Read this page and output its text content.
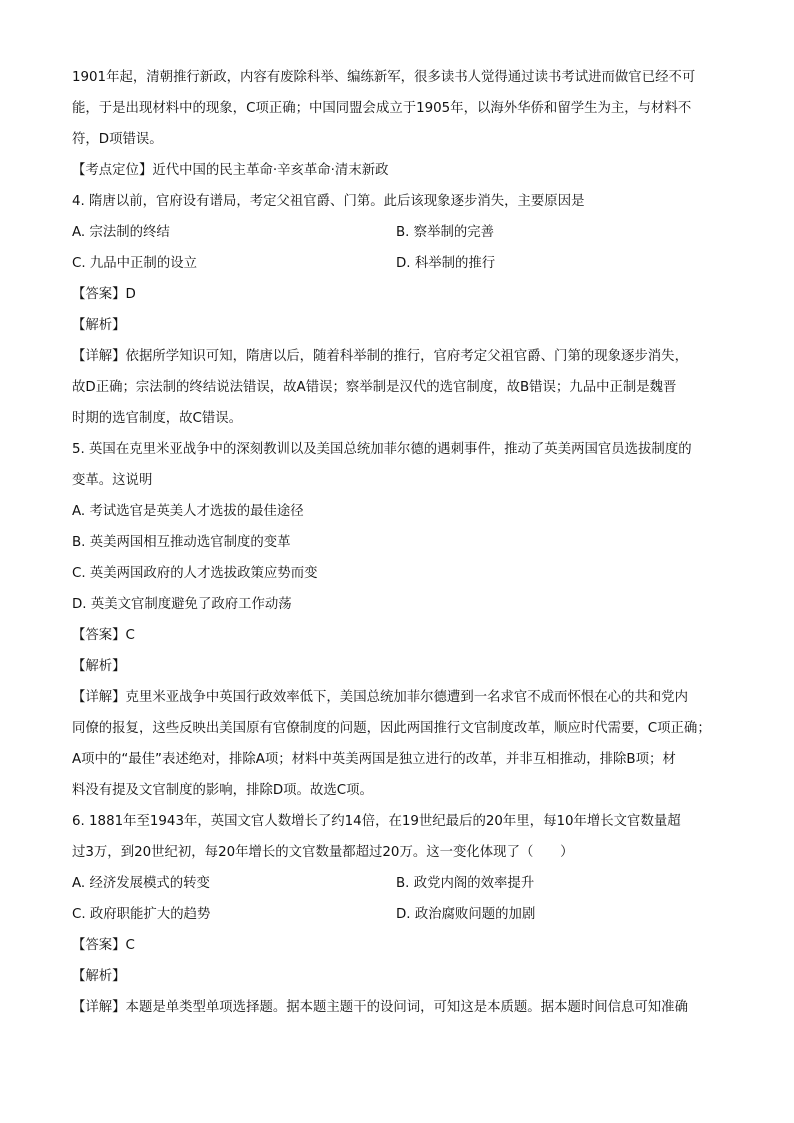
1901年起，清朝推行新政，内容有废除科举、编练新军，很多读书人觉得通过读书考试进而做官已经不可
能，于是出现材料中的现象，C项正确；中国同盟会成立于1905年，以海外华侨和留学生为主，与材料不
符，D项错误。
【考点定位】近代中国的民主革命·辛亥革命·清末新政
4. 隋唐以前，官府设有谱局，考定父祖官爵、门第。此后该现象逐步消失，主要原因是
A. 宗法制的终结	B. 察举制的完善
C. 九品中正制的设立	D. 科举制的推行
【答案】D
【解析】
【详解】依据所学知识可知，隋唐以后，随着科举制的推行，官府考定父祖官爵、门第的现象逐步消失，
故D正确；宗法制的终结说法错误，故A错误；察举制是汉代的选官制度，故B错误；九品中正制是魏晋
时期的选官制度，故C错误。
5. 英国在克里米亚战争中的深刻教训以及美国总统加菲尔德的遇刺事件，推动了英美两国官员选拔制度的
变革。这说明
A. 考试选官是英美人才选拔的最佳途径
B. 英美两国相互推动选官制度的变革
C. 英美两国政府的人才选拔政策应势而变
D. 英美文官制度避免了政府工作动荡
【答案】C
【解析】
【详解】克里米亚战争中英国行政效率低下，美国总统加菲尔德遭到一名求官不成而怀恨在心的共和党内
同僚的报复，这些反映出美国原有官僚制度的问题，因此两国推行文官制度改革，顺应时代需要，C项正确；
A项中的“最佳”表述绝对，排除A项；材料中英美两国是独立进行的改革，并非互相推动，排除B项；材
料没有提及文官制度的影响，排除D项。故选C项。
6. 1881年至1943年，英国文官人数增长了约14倍，在19世纪最后的20年里，每10年增长文官数量超
过3万，到20世纪初，每20年增长的文官数量都超过20万。这一变化体现了（　　）
A. 经济发展模式的转变	B. 政党内阁的效率提升
C. 政府职能扩大的趋势	D. 政治腐败问题的加剧
【答案】C
【解析】
【详解】本题是单类型单项选择题。据本题主题干的设问词，可知这是本质题。据本题时间信息可知准确
